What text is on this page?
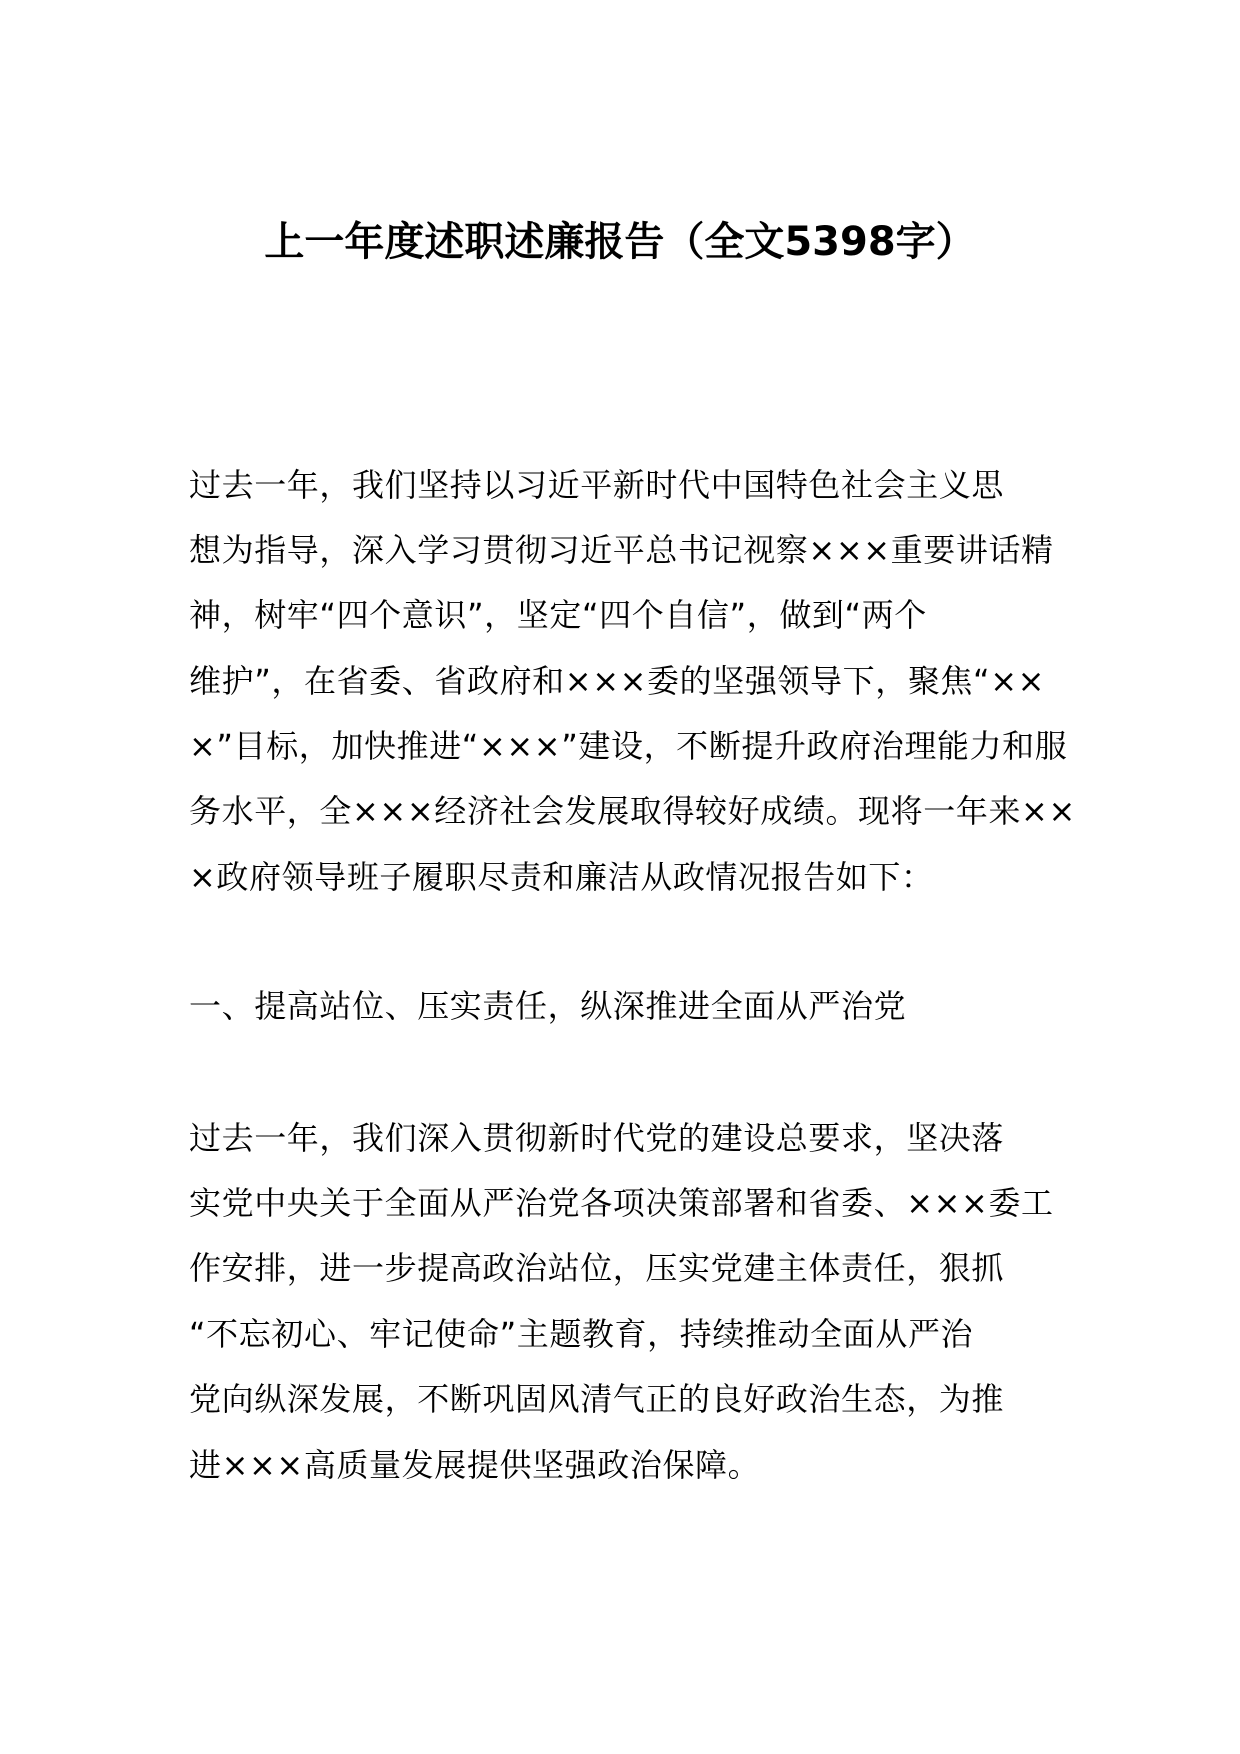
上一年度述职述廉报告（全文5398字）
过去一年，我们坚持以习近平新时代中国特色社会主义思
想为指导，深入学习贯彻习近平总书记视察×××重要讲话精
神，树牢“四个意识”，坚定“四个自信”，做到“两个
维护”，在省委、省政府和×××委的坚强领导下，聚焦“××
×”目标，加快推进“×××”建设，不断提升政府治理能力和服
务水平，全×××经济社会发展取得较好成绩。现将一年来××
×政府领导班子履职尽责和廉洁从政情况报告如下：
一、提高站位、压实责任，纵深推进全面从严治党
过去一年，我们深入贯彻新时代党的建设总要求，坚决落
实党中央关于全面从严治党各项决策部署和省委、×××委工
作安排，进一步提高政治站位，压实党建主体责任，狠抓
“不忘初心、牢记使命”主题教育，持续推动全面从严治
党向纵深发展，不断巩固风清气正的良好政治生态，为推
进×××高质量发展提供坚强政治保障。
